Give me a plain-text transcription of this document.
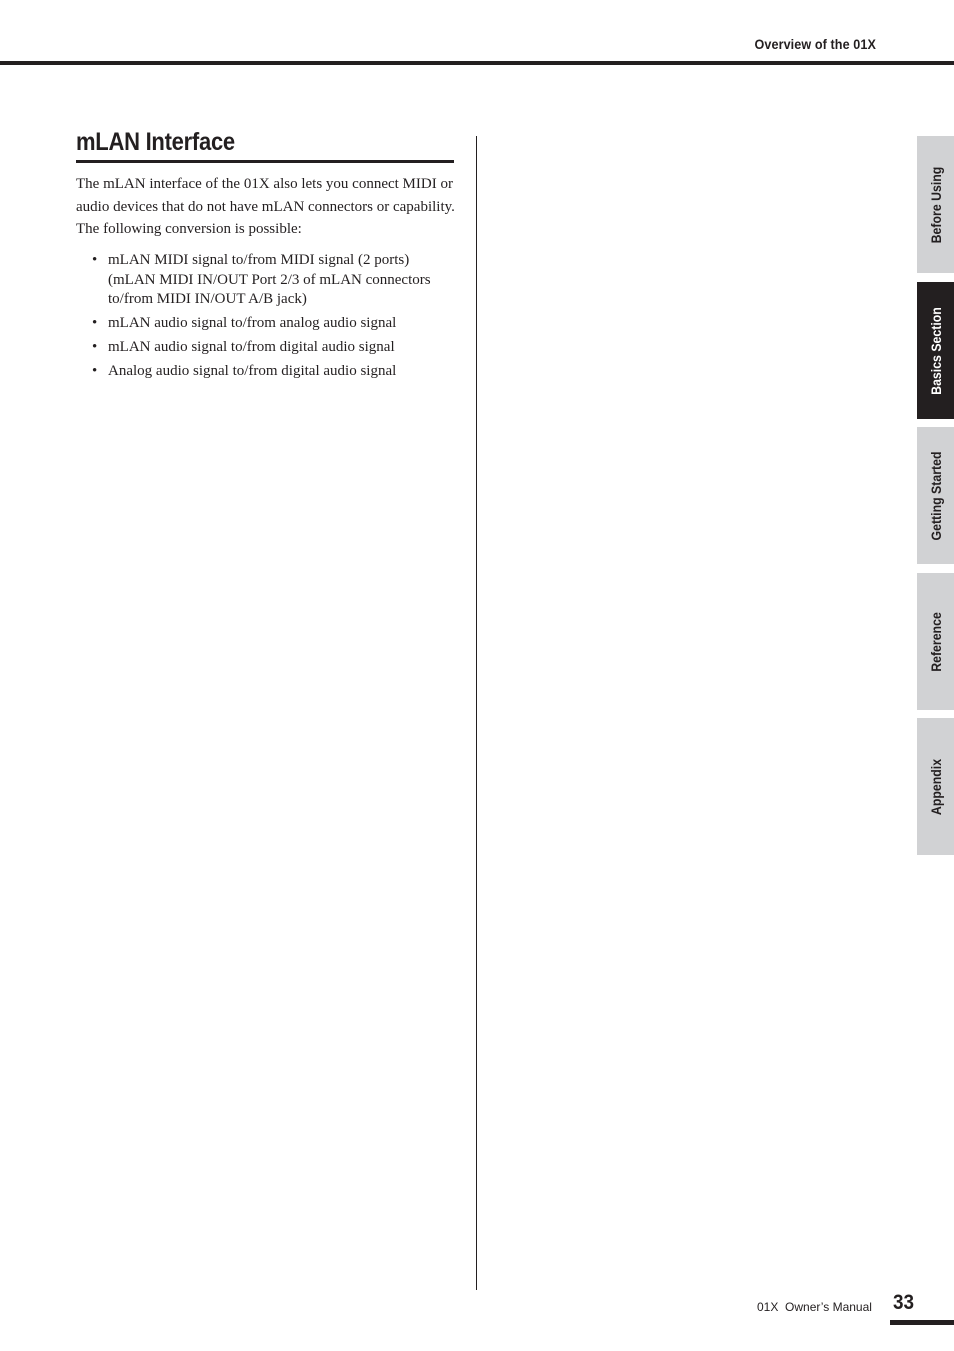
Overview of the 01X
mLAN Interface

The mLAN interface of the 01X also lets you connect MIDI or audio devices that do not have mLAN connectors or capability. The following conversion is possible:

• mLAN MIDI signal to/from MIDI signal (2 ports) (mLAN MIDI IN/OUT Port 2/3 of mLAN connectors to/from MIDI IN/OUT A/B jack)
• mLAN audio signal to/from analog audio signal
• mLAN audio signal to/from digital audio signal
• Analog audio signal to/from digital audio signal
Before Using
Basics Section
Getting Started
Reference
Appendix
01X  Owner’s Manual 33
